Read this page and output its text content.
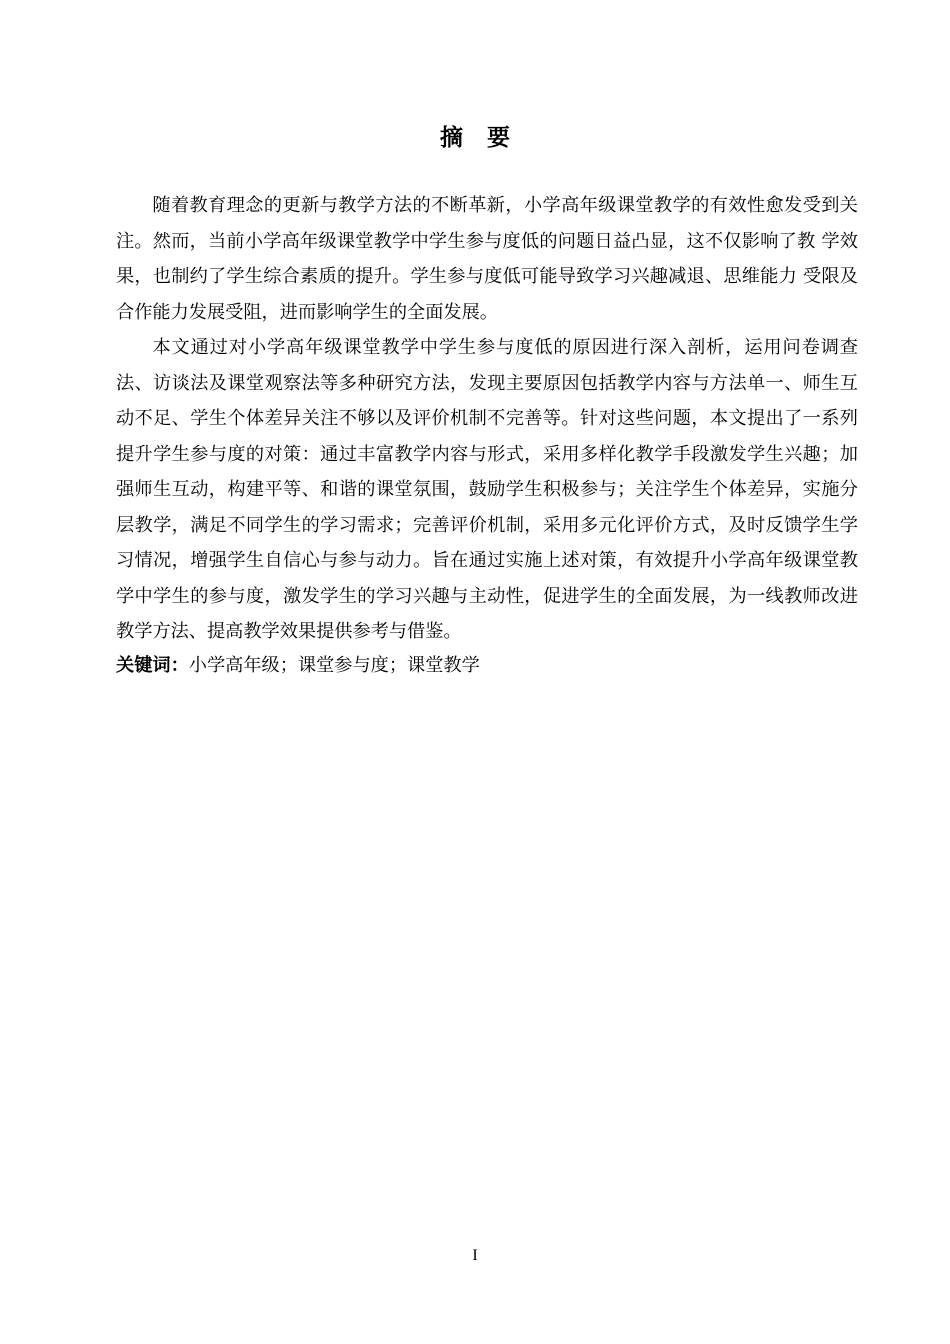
摘要

随着教育理念的更新与教学方法的不断革新，小学高年级课堂教学的有效性愈发受到关注。然而，当前小学高年级课堂教学中学生参与度低的问题日益凸显，这不仅影响了教 学效果，也制约了学生综合素质的提升。学生参与度低可能导致学习兴趣减退、思维能力 受限及合作能力发展受阻，进而影响学生的全面发展。

本文通过对小学高年级课堂教学中学生参与度低的原因进行深入剖析，运用问卷调查法、访谈法及课堂观察法等多种研究方法，发现主要原因包括教学内容与方法单一、师生互动不足、学生个体差异关注不够以及评价机制不完善等。针对这些问题，本文提出了一系列提升学生参与度的对策：通过丰富教学内容与形式，采用多样化教学手段激发学生兴趣；加强师生互动，构建平等、和谐的课堂氛围，鼓励学生积极参与；关注学生个体差异，实施分层教学，满足不同学生的学习需求；完善评价机制，采用多元化评价方式，及时反馈学生学习情况，增强学生自信心与参与动力。旨在通过实施上述对策，有效提升小学高年级课堂教学中学生的参与度，激发学生的学习兴趣与主动性，促进学生的全面发展，为一线教师改进教学方法、提高教学效果提供参考与借鉴。

关键词：小学高年级；课堂参与度；课堂教学
I
